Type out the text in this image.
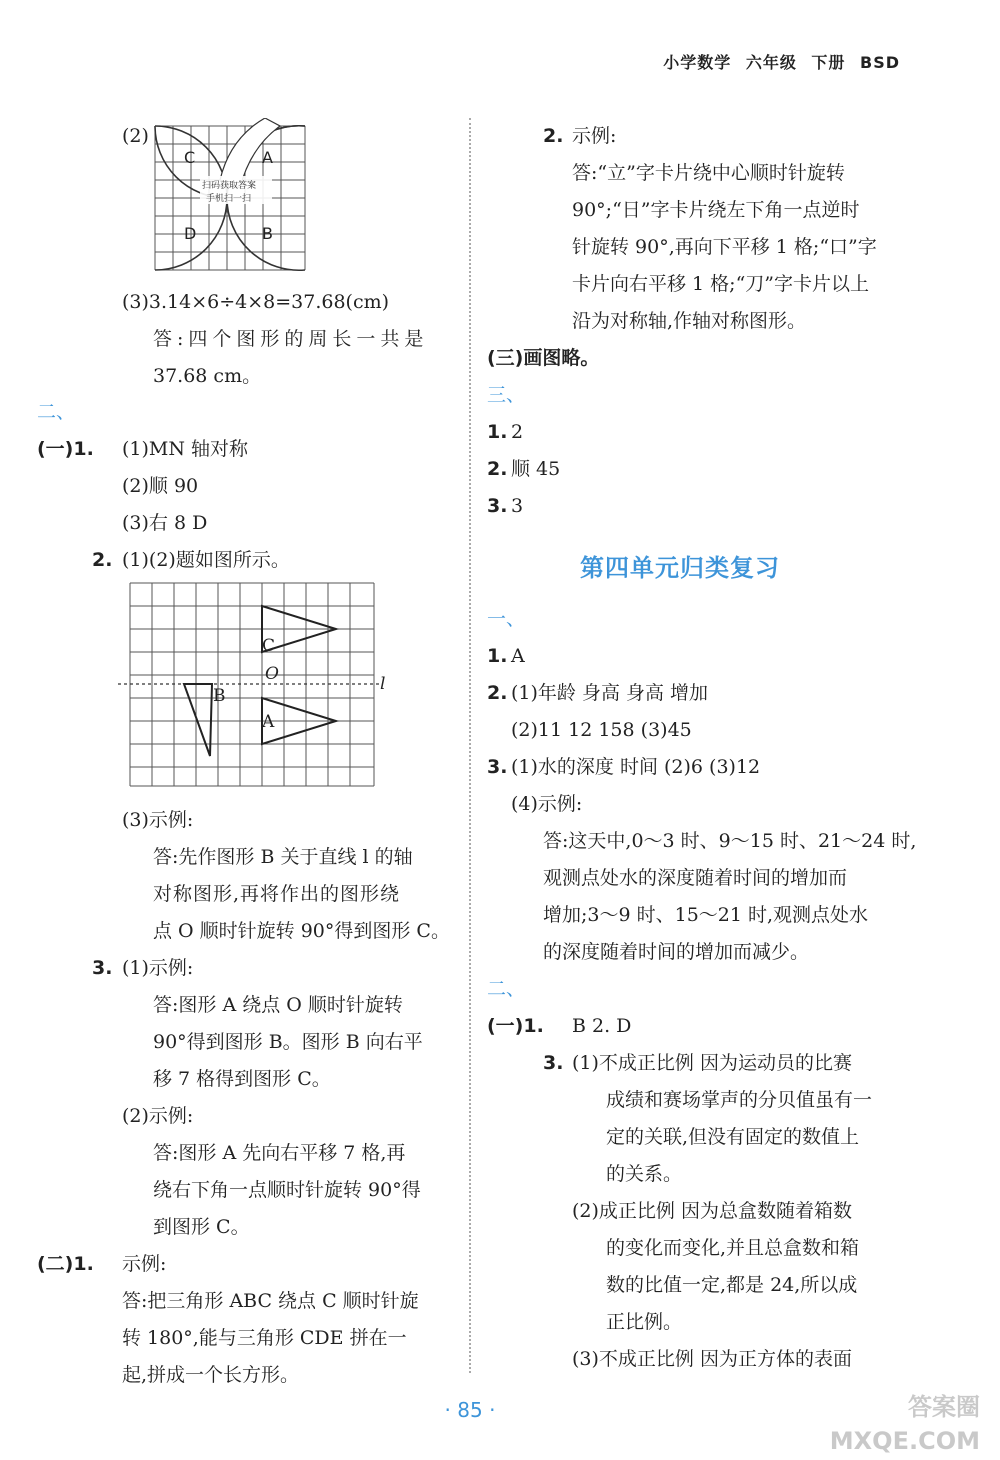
小学数学 六年级 下册 BSD
(2)
C	A
D	B
扫码获取答案
手机扫一扫
(3)3.14×6÷4×8=37.68(cm)
答:四个图形的周长一共是
37.68 cm。
二、
(一)1. (1)MN 轴对称
(2)顺 90
(3)右 8 D
2. (1)(2)题如图所示。
C
O	l
B
A
(3)示例:
答:先作图形 B 关于直线 l 的轴
对称图形,再将作出的图形绕
点 O 顺时针旋转 90°得到图形 C。
3. (1)示例:
答:图形 A 绕点 O 顺时针旋转
90°得到图形 B。图形 B 向右平
移 7 格得到图形 C。
(2)示例:
答:图形 A 先向右平移 7 格,再
绕右下角一点顺时针旋转 90°得
到图形 C。
(二)1. 示例:
答:把三角形 ABC 绕点 C 顺时针旋
转 180°,能与三角形 CDE 拼在一
起,拼成一个长方形。
2. 示例:
答:“立”字卡片绕中心顺时针旋转
90°;“日”字卡片绕左下角一点逆时
针旋转 90°,再向下平移 1 格;“口”字
卡片向右平移 1 格;“刀”字卡片以上
沿为对称轴,作轴对称图形。
(三)画图略。
三、
1. 2
2. 顺 45
3. 3
第四单元归类复习
一、
1. A
2. (1)年龄 身高 身高 增加
(2)11 12 158 (3)45
3. (1)水的深度 时间 (2)6 (3)12
(4)示例:
答:这天中,0～3 时、9～15 时、21～24 时,
观测点处水的深度随着时间的增加而
增加;3～9 时、15～21 时,观测点处水
的深度随着时间的增加而减少。
二、
(一)1. B 2. D
3. (1)不成正比例 因为运动员的比赛
成绩和赛场掌声的分贝值虽有一
定的关联,但没有固定的数值上
的关系。
(2)成正比例 因为总盒数随着箱数
的变化而变化,并且总盒数和箱
数的比值一定,都是 24,所以成
正比例。
(3)不成正比例 因为正方体的表面
· 85 ·	答案圈
MXQE.COM
